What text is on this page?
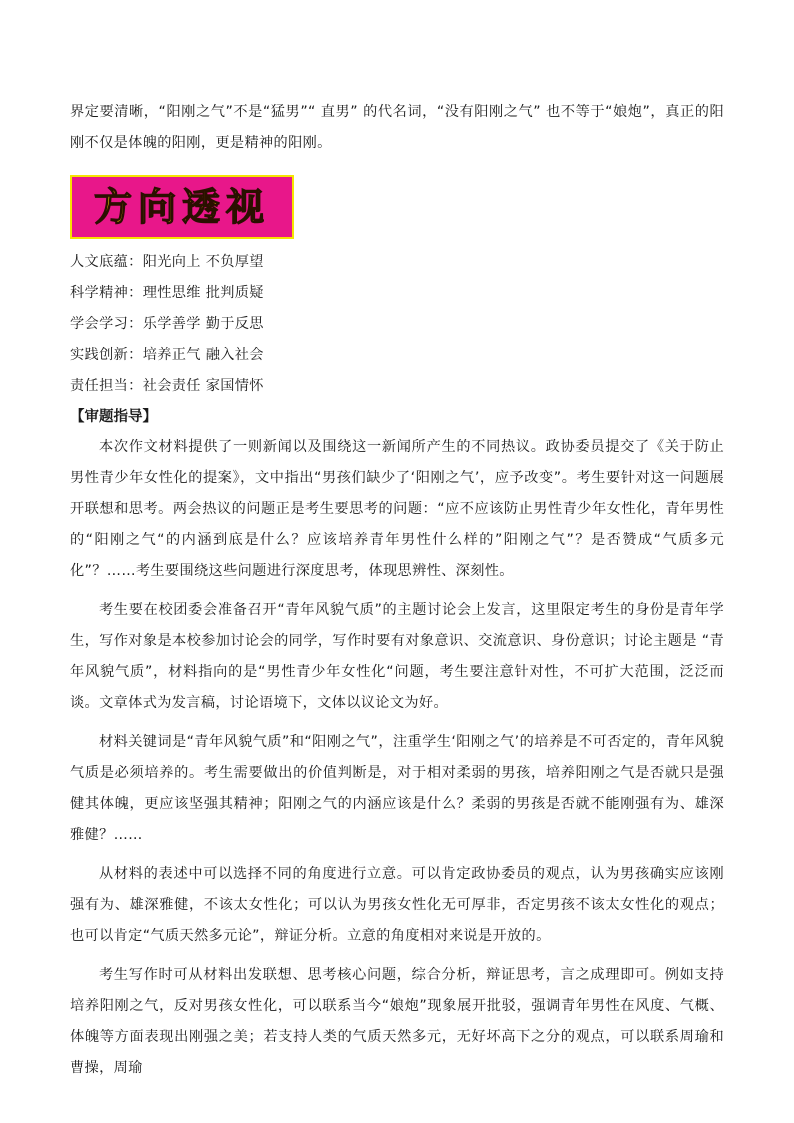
界定要清晰，“阳刚之气”不是“猛男”“ 直男” 的代名词，“没有阳刚之气” 也不等于“娘炮”，真正的阳刚不仅是体魄的阳刚，更是精神的阳刚。

方向透视
人文底蕴：阳光向上 不负厚望
科学精神：理性思维 批判质疑
学会学习：乐学善学 勤于反思
实践创新：培养正气 融入社会
责任担当：社会责任 家国情怀
【审题指导】

本次作文材料提供了一则新闻以及围绕这一新闻所产生的不同热议。政协委员提交了《关于防止男性青少年女性化的提案》，文中指出“男孩们缺少了‘阳刚之气’，应予改变”。考生要针对这一问题展开联想和思考。两会热议的问题正是考生要思考的问题：“应不应该防止男性青少年女性化，青年男性的“阳刚之气“的内涵到底是什么？应该培养青年男性什么样的”阳刚之气”？是否赞成“气质多元化”？……考生要围绕这些问题进行深度思考，体现思辨性、深刻性。

考生要在校团委会准备召开“青年风貌气质”的主题讨论会上发言，这里限定考生的身份是青年学生，写作对象是本校参加讨论会的同学，写作时要有对象意识、交流意识、身份意识；讨论主题是 “青年风貌气质”，材料指向的是“男性青少年女性化“问题，考生要注意针对性，不可扩大范围，泛泛而谈。文章体式为发言稿，讨论语境下，文体以议论文为好。

材料关键词是“青年风貌气质”和“阳刚之气”，注重学生‘阳刚之气’的培养是不可否定的，青年风貌气质是必须培养的。考生需要做出的价值判断是，对于相对柔弱的男孩，培养阳刚之气是否就只是强健其体魄，更应该坚强其精神；阳刚之气的内涵应该是什么？柔弱的男孩是否就不能刚强有为、雄深雅健？……

从材料的表述中可以选择不同的角度进行立意。可以肯定政协委员的观点，认为男孩确实应该刚强有为、雄深雅健，不该太女性化；可以认为男孩女性化无可厚非，否定男孩不该太女性化的观点；也可以肯定“气质天然多元论”，辩证分析。立意的角度相对来说是开放的。

考生写作时可从材料出发联想、思考核心问题，综合分析，辩证思考，言之成理即可。例如支持培养阳刚之气，反对男孩女性化，可以联系当今“娘炮”现象展开批驳，强调青年男性在风度、气概、体魄等方面表现出刚强之美；若支持人类的气质天然多元，无好坏高下之分的观点，可以联系周瑜和曹操，周瑜
